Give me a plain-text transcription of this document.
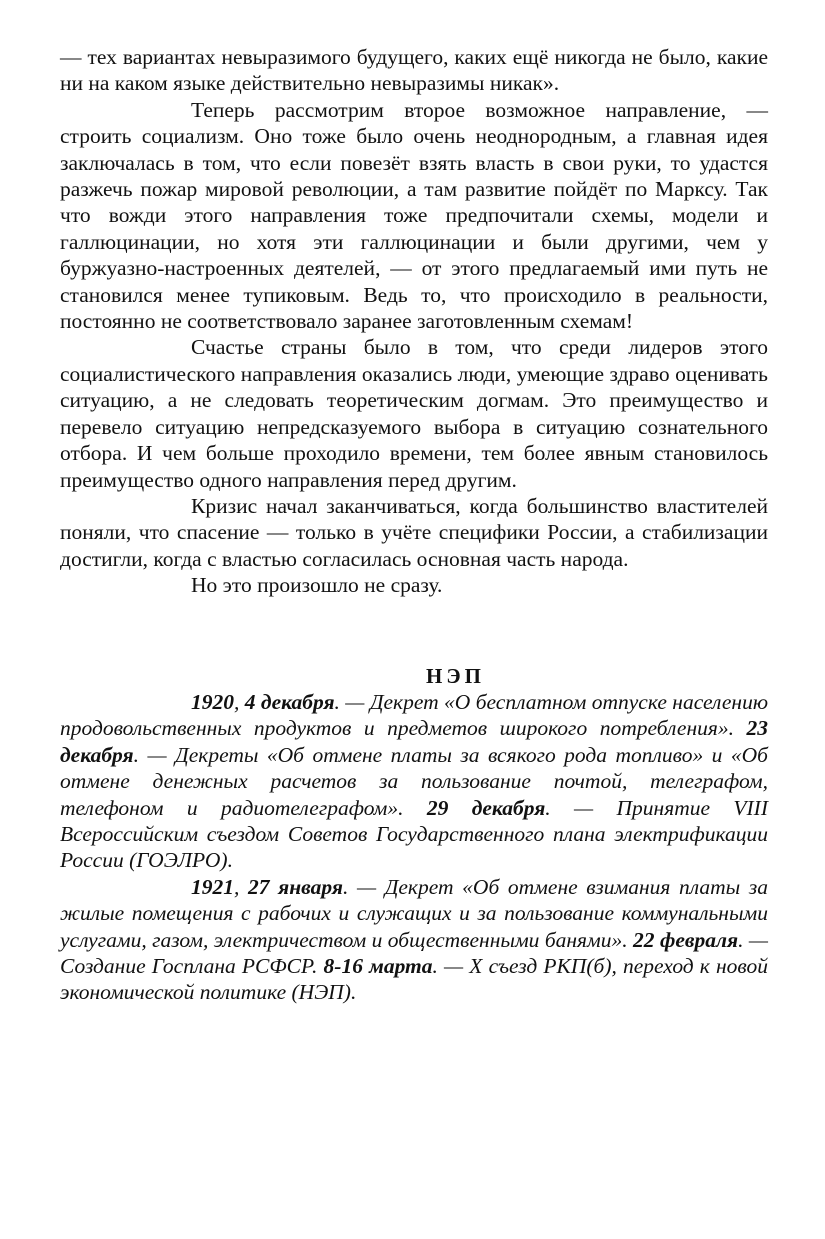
— тех вариантах невыразимого будущего, каких ещё никогда не было, какие ни на каком языке действительно невыразимы никак».

Теперь рассмотрим второе возможное направление, — строить социализм. Оно тоже было очень неоднородным, а главная идея заключалась в том, что если повезёт взять власть в свои руки, то удастся разжечь пожар мировой революции, а там развитие пойдёт по Марксу. Так что вожди этого направления тоже предпочитали схемы, модели и галлюцинации, но хотя эти галлюцинации и были другими, чем у буржуазно-настроенных деятелей, — от этого предлагаемый ими путь не становился менее тупиковым. Ведь то, что происходило в реальности, постоянно не соответствовало заранее заготовленным схемам!

Счастье страны было в том, что среди лидеров этого социалистического направления оказались люди, умеющие здраво оценивать ситуацию, а не следовать теоретическим догмам. Это преимущество и перевело ситуацию непредсказуемого выбора в ситуацию сознательного отбора. И чем больше проходило времени, тем более явным становилось преимущество одного направления перед другим.

Кризис начал заканчиваться, когда большинство властителей поняли, что спасение — только в учёте специфики России, а стабилизации достигли, когда с властью согласилась основная часть народа.

Но это произошло не сразу.

НЭП

1920, 4 декабря. — Декрет «О бесплатном отпуске населению продовольственных продуктов и предметов широкого потребления». 23 декабря. — Декреты «Об отмене платы за всякого рода топливо» и «Об отмене денежных расчетов за пользование почтой, телеграфом, телефоном и радиотелеграфом». 29 декабря. — Принятие VIII Всероссийским съездом Советов Государственного плана электрификации России (ГОЭЛРО).

1921, 27 января. — Декрет «Об отмене взимания платы за жилые помещения с рабочих и служащих и за пользование коммунальными услугами, газом, электричеством и общественными банями». 22 февраля. — Создание Госплана РСФСР. 8-16 марта. — X съезд РКП(б), переход к новой экономической политике (НЭП).
